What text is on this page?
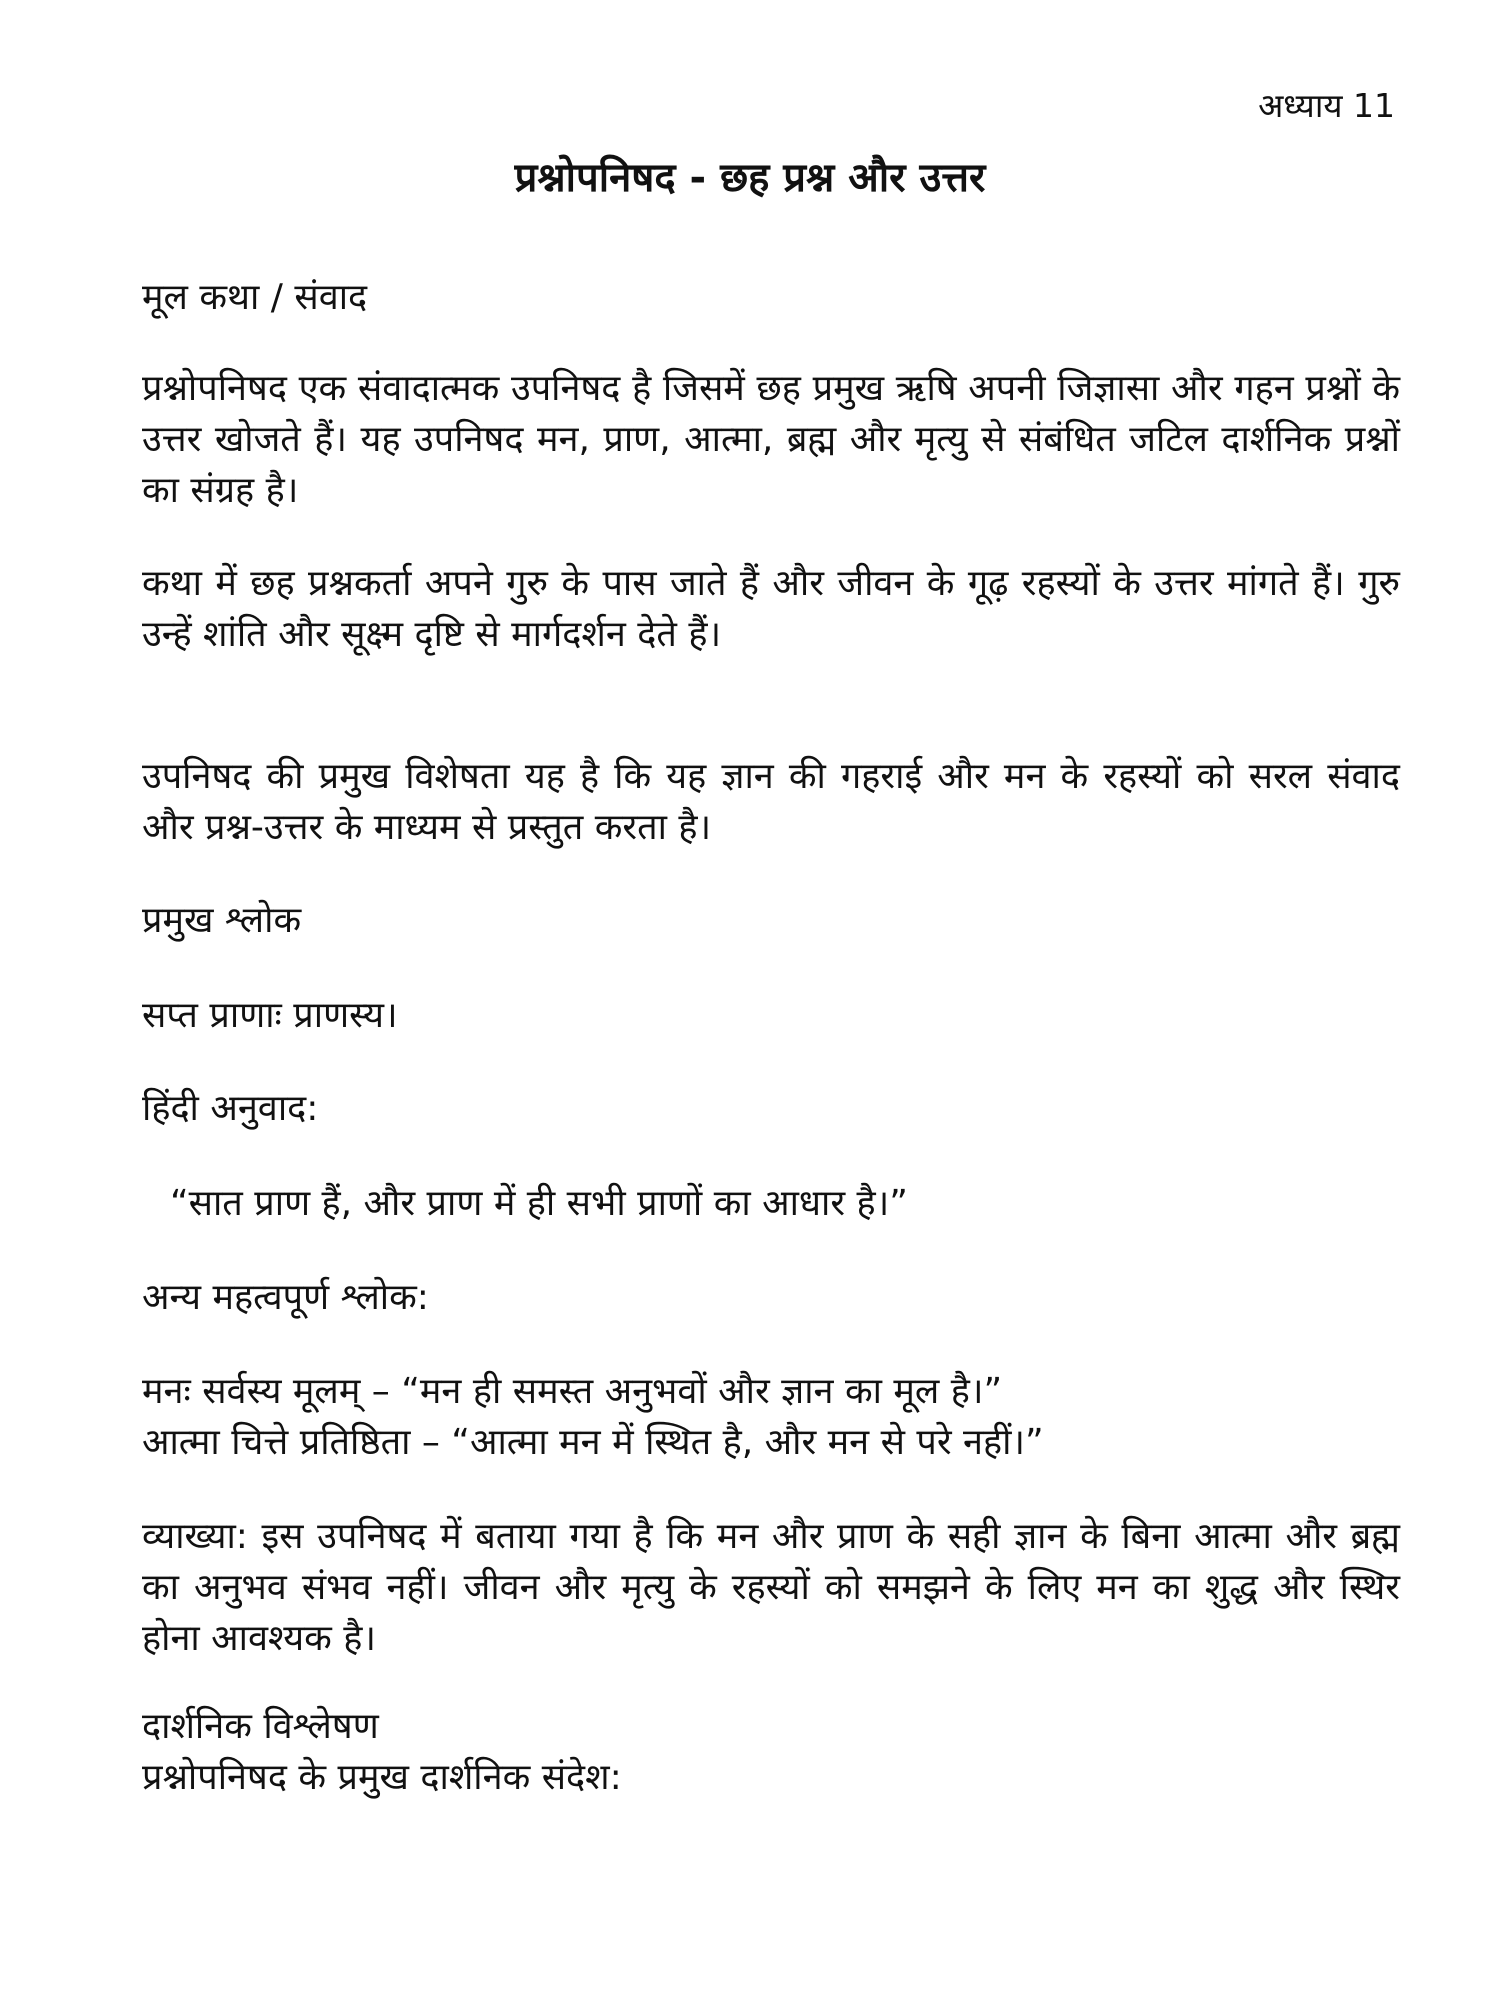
अध्याय 11
प्रश्नोपनिषद - छह प्रश्न और उत्तर
मूल कथा / संवाद
प्रश्नोपनिषद एक संवादात्मक उपनिषद है जिसमें छह प्रमुख ऋषि अपनी जिज्ञासा और गहन प्रश्नों के उत्तर खोजते हैं। यह उपनिषद मन, प्राण, आत्मा, ब्रह्म और मृत्यु से संबंधित जटिल दार्शनिक प्रश्नों का संग्रह है।
कथा में छह प्रश्नकर्ता अपने गुरु के पास जाते हैं और जीवन के गूढ़ रहस्यों के उत्तर मांगते हैं। गुरु उन्हें शांति और सूक्ष्म दृष्टि से मार्गदर्शन देते हैं।
उपनिषद की प्रमुख विशेषता यह है कि यह ज्ञान की गहराई और मन के रहस्यों को सरल संवाद और प्रश्न-उत्तर के माध्यम से प्रस्तुत करता है।
प्रमुख श्लोक
सप्त प्राणाः प्राणस्य।
हिंदी अनुवाद:
“सात प्राण हैं, और प्राण में ही सभी प्राणों का आधार है।”
अन्य महत्वपूर्ण श्लोक:
मनः सर्वस्य मूलम् – “मन ही समस्त अनुभवों और ज्ञान का मूल है।”
आत्मा चित्ते प्रतिष्ठिता – “आत्मा मन में स्थित है, और मन से परे नहीं।”
व्याख्या: इस उपनिषद में बताया गया है कि मन और प्राण के सही ज्ञान के बिना आत्मा और ब्रह्म का अनुभव संभव नहीं। जीवन और मृत्यु के रहस्यों को समझने के लिए मन का शुद्ध और स्थिर होना आवश्यक है।
दार्शनिक विश्लेषण
प्रश्नोपनिषद के प्रमुख दार्शनिक संदेश:
